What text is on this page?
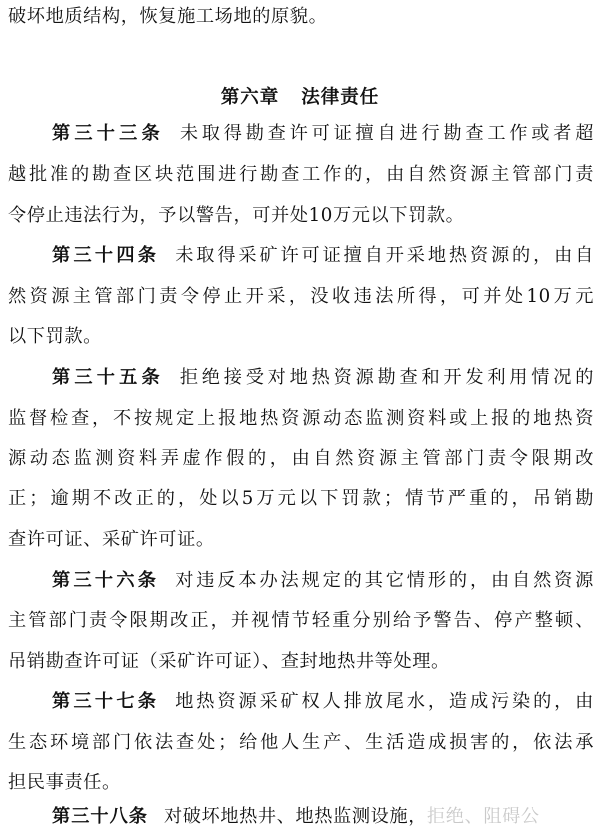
破坏地质结构，恢复施工场地的原貌。
第六章 法律责任
第三十三条 未取得勘查许可证擅自进行勘查工作或者超
越批准的勘查区块范围进行勘查工作的，由自然资源主管部门责
令停止违法行为，予以警告，可并处10万元以下罚款。
第三十四条 未取得采矿许可证擅自开采地热资源的，由自
然资源主管部门责令停止开采，没收违法所得，可并处10万元
以下罚款。
第三十五条 拒绝接受对地热资源勘查和开发利用情况的
监督检查，不按规定上报地热资源动态监测资料或上报的地热资
源动态监测资料弄虚作假的，由自然资源主管部门责令限期改
正；逾期不改正的，处以5万元以下罚款；情节严重的，吊销勘
查许可证、采矿许可证。
第三十六条 对违反本办法规定的其它情形的，由自然资源
主管部门责令限期改正，并视情节轻重分别给予警告、停产整顿、
吊销勘查许可证（采矿许可证）、查封地热井等处理。
第三十七条 地热资源采矿权人排放尾水，造成污染的，由
生态环境部门依法查处；给他人生产、生活造成损害的，依法承
担民事责任。
第三十八条 对破坏地热井、地热监测设施，拒绝、阻碍公
